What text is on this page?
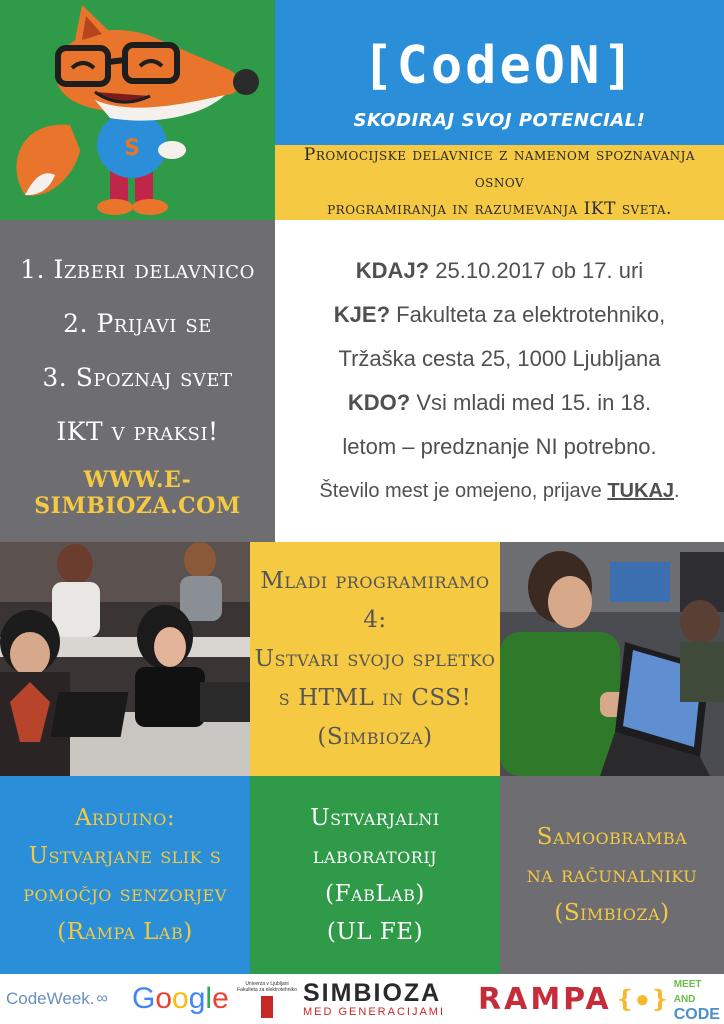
S
[CodeON]
SKODIRAJ SVOJ POTENCIAL!
Promocijske delavnice z namenom spoznavanja osnov
programiranja in razumevanja IKT sveta.
1. Izberi delavnico
2. Prijavi se
3. Spoznaj svet
IKT v praksi!
WWW.E-SIMBIOZA.COM
KDAJ? 25.10.2017 ob 17. uri
KJE? Fakulteta za elektrotehniko,
Tržaška cesta 25, 1000 Ljubljana
KDO? Vsi mladi med 15. in 18.
letom – predznanje NI potrebno.
Število mest je omejeno, prijave TUKAJ.
Mladi programiramo 4:
Ustvari svojo spletko
s HTML in CSS!
(Simbioza)
Arduino:
Ustvarjane slik s
pomočjo senzorjev
(Rampa Lab)
Ustvarjalni
laboratorij
(FabLab)
(UL FE)
Samoobramba
na računalniku
(Simbioza)
CodeWeek. ∞ G o o g l e	Univerza v Ljubljani
Fakulteta za elektrotehniko SIMBIOZA
MED GENERACIJAMI RAMPA ❴●❵
MEET AND
CODE
